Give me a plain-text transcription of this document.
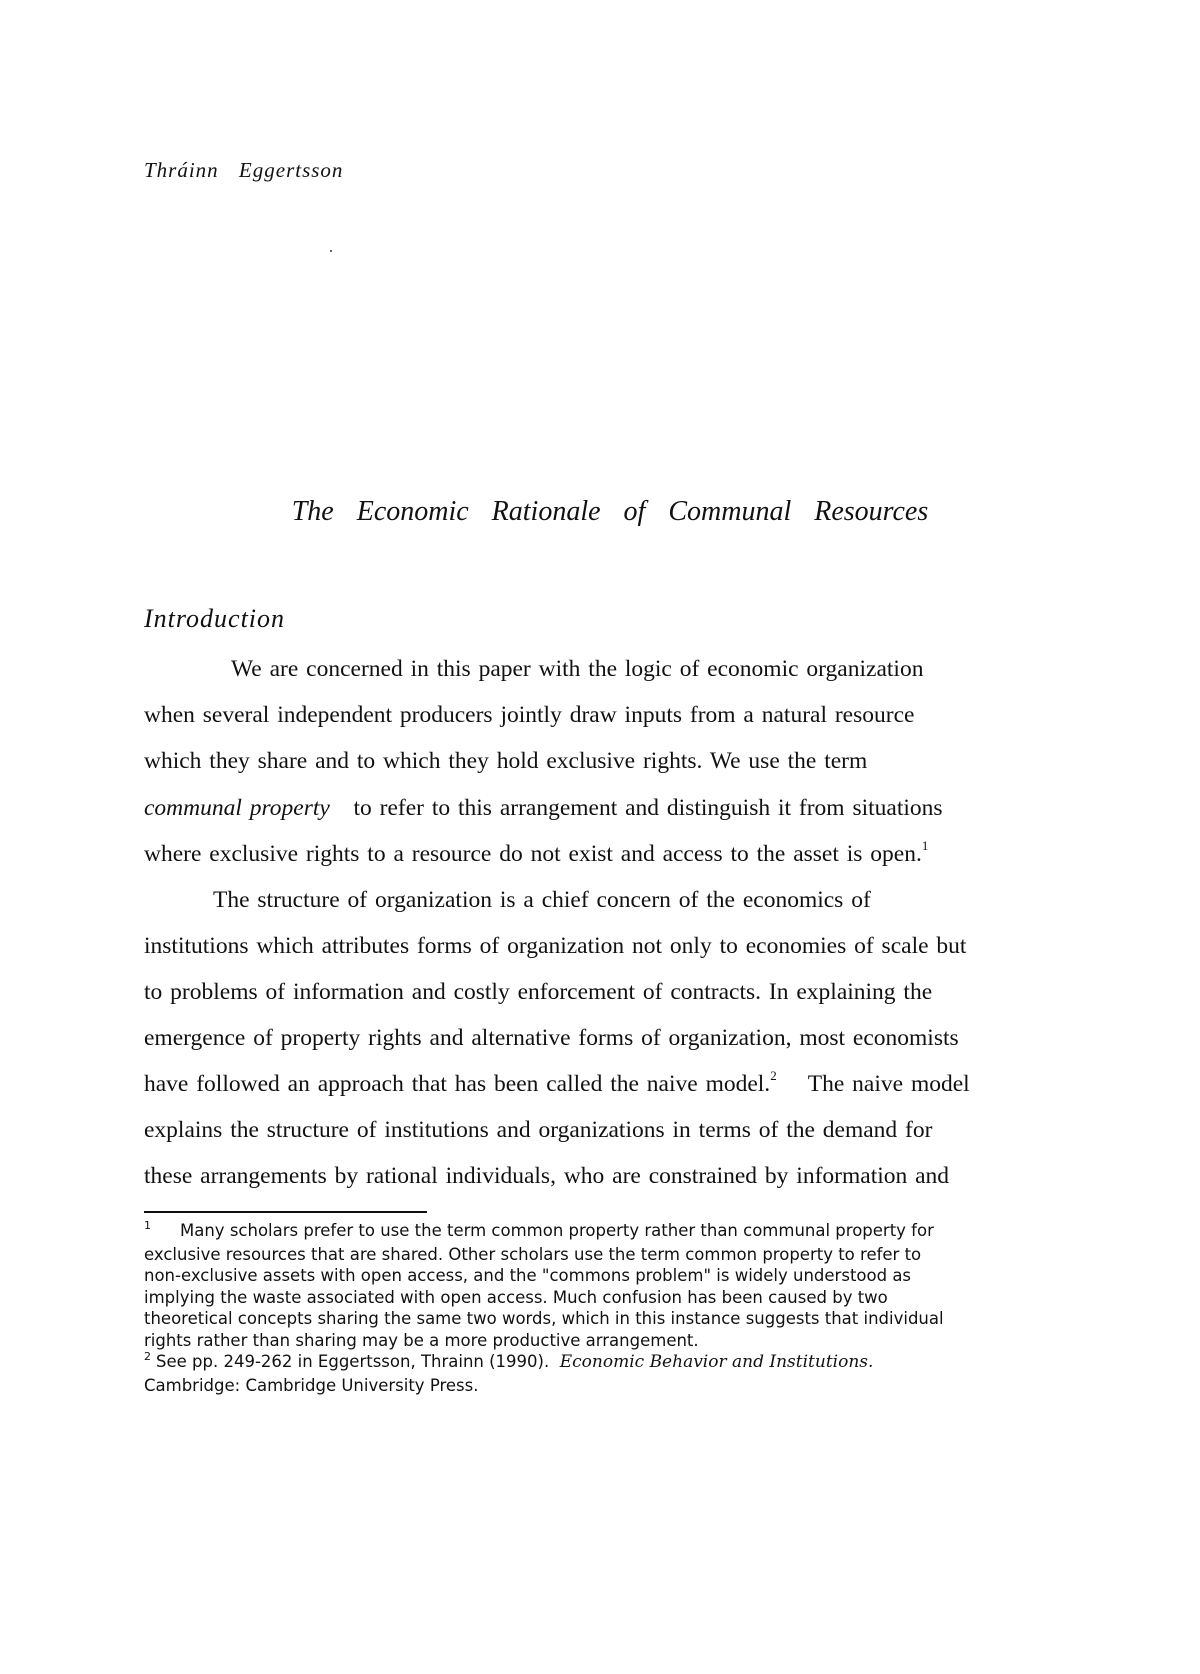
Thráinn Eggertsson
The Economic Rationale of Communal Resources
Introduction
We are concerned in this paper with the logic of economic organization
when several independent producers jointly draw inputs from a natural resource
which they share and to which they hold exclusive rights. We use the term
communal property to refer to this arrangement and distinguish it from situations
where exclusive rights to a resource do not exist and access to the asset is open.$^1$
The structure of organization is a chief concern of the economics of
institutions which attributes forms of organization not only to economies of scale but
to problems of information and costly enforcement of contracts. In explaining the
emergence of property rights and alternative forms of organization, most economists
have followed an approach that has been called the naive model.$^2$ The naive model
explains the structure of institutions and organizations in terms of the demand for
these arrangements by rational individuals, who are constrained by information and
1 Many scholars prefer to use the term common property rather than communal property for
exclusive resources that are shared. Other scholars use the term common property to refer to
non-exclusive assets with open access, and the "commons problem" is widely understood as
implying the waste associated with open access. Much confusion has been caused by two
theoretical concepts sharing the same two words, which in this instance suggests that individual
rights rather than sharing may be a more productive arrangement.
2 See pp. 249-262 in Eggertsson, Thrainn (1990). Economic Behavior and Institutions.
Cambridge: Cambridge University Press.
